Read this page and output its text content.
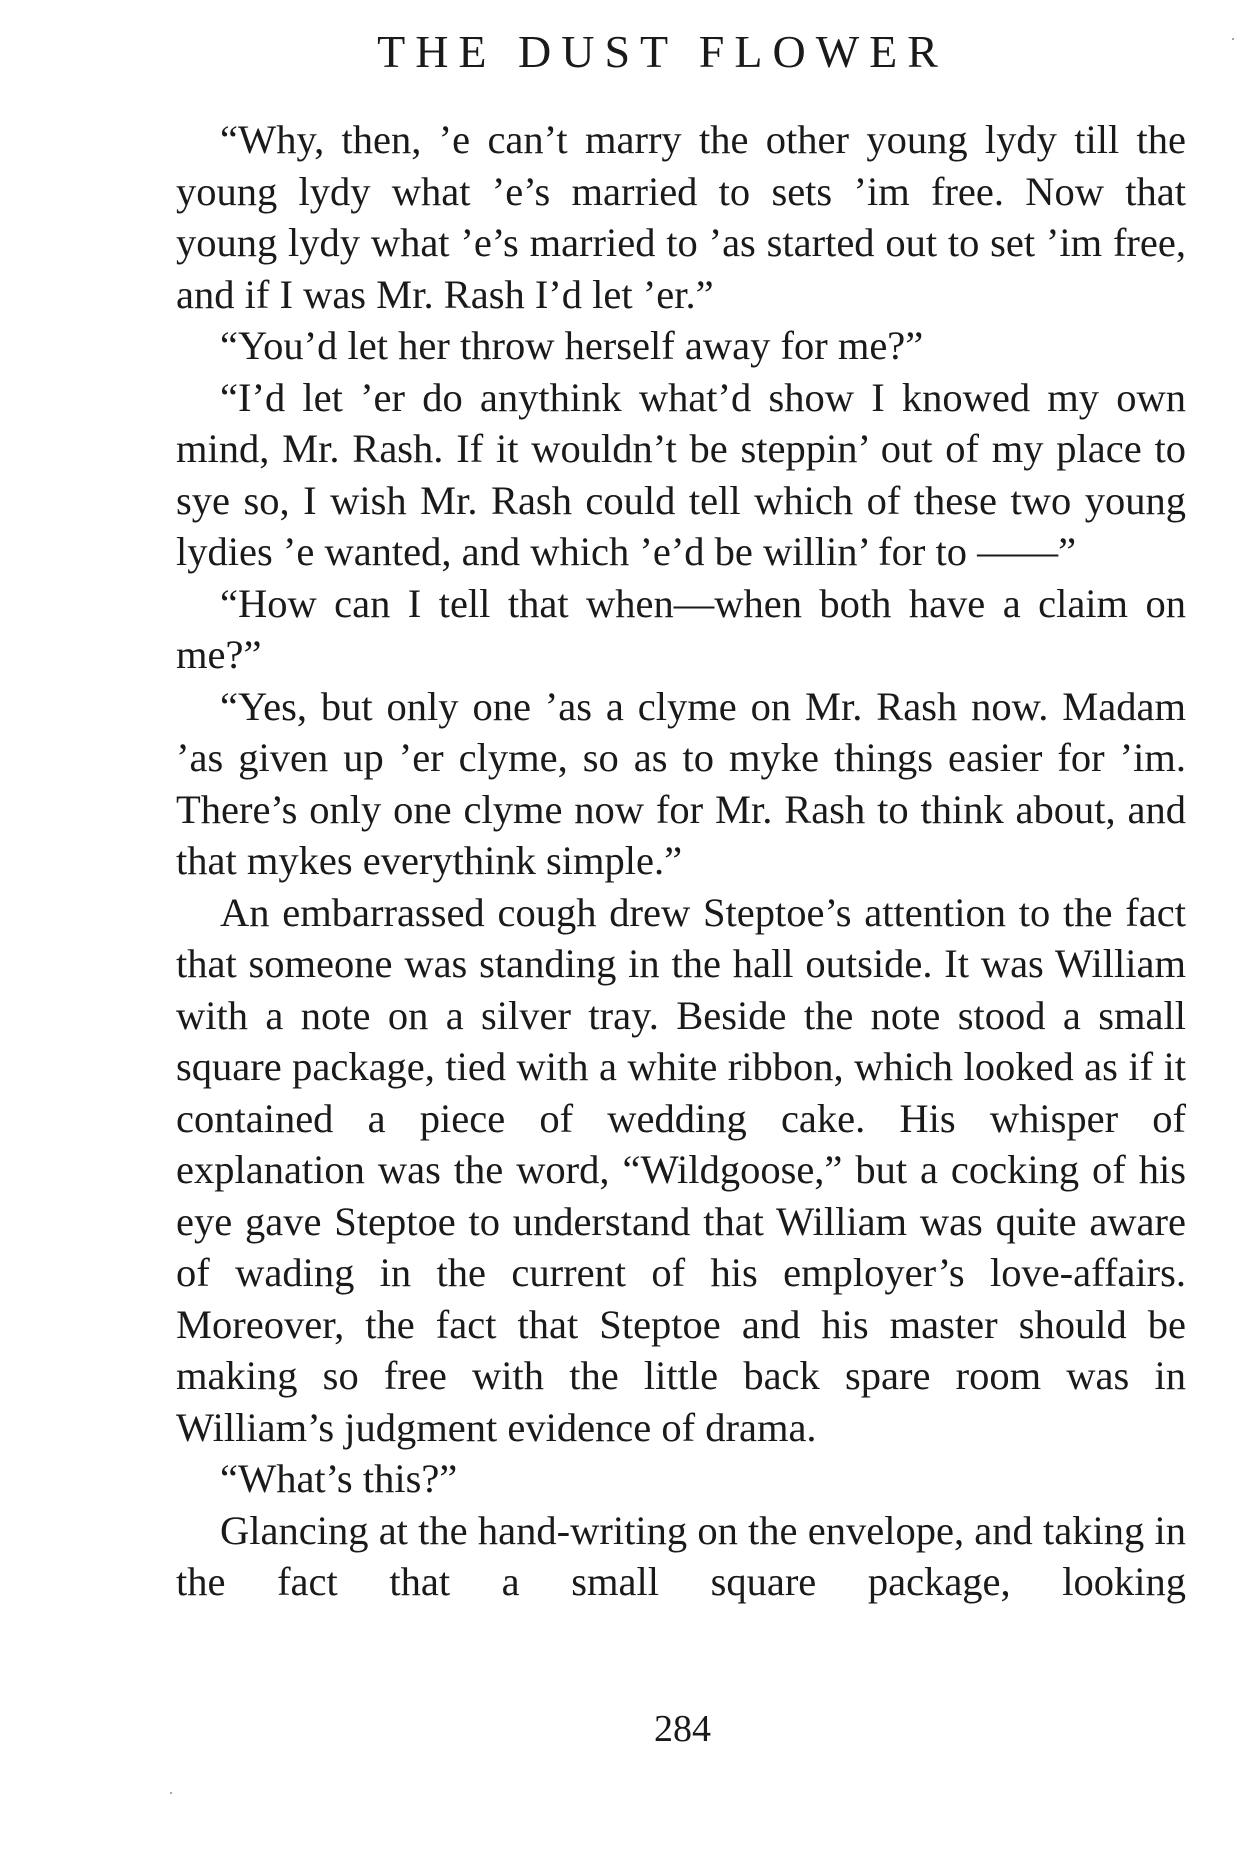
THE DUST FLOWER

“Why, then, ’e can’t marry the other young lydy till the young lydy what ’e’s married to sets ’im free. Now that young lydy what ’e’s married to ’as started out to set ’im free, and if I was Mr. Rash I’d let ’er.”

“You’d let her throw herself away for me?”

“I’d let ’er do anythink what’d show I knowed my own mind, Mr. Rash. If it wouldn’t be steppin’ out of my place to sye so, I wish Mr. Rash could tell which of these two young lydies ’e wanted, and which ’e’d be willin’ for to ——”

“How can I tell that when—when both have a claim on me?”

“Yes, but only one ’as a clyme on Mr. Rash now. Madam ’as given up ’er clyme, so as to myke things easier for ’im. There’s only one clyme now for Mr. Rash to think about, and that mykes everythink simple.”

An embarrassed cough drew Steptoe’s attention to the fact that someone was standing in the hall outside. It was William with a note on a silver tray. Beside the note stood a small square package, tied with a white ribbon, which looked as if it contained a piece of wedding cake. His whisper of explanation was the word, “Wildgoose,” but a cocking of his eye gave Steptoe to understand that William was quite aware of wading in the current of his employer’s love-affairs. Moreover, the fact that Steptoe and his master should be making so free with the little back spare room was in William’s judgment evidence of drama.

“What’s this?”

Glancing at the hand-writing on the envelope, and taking in the fact that a small square package, looking

284
